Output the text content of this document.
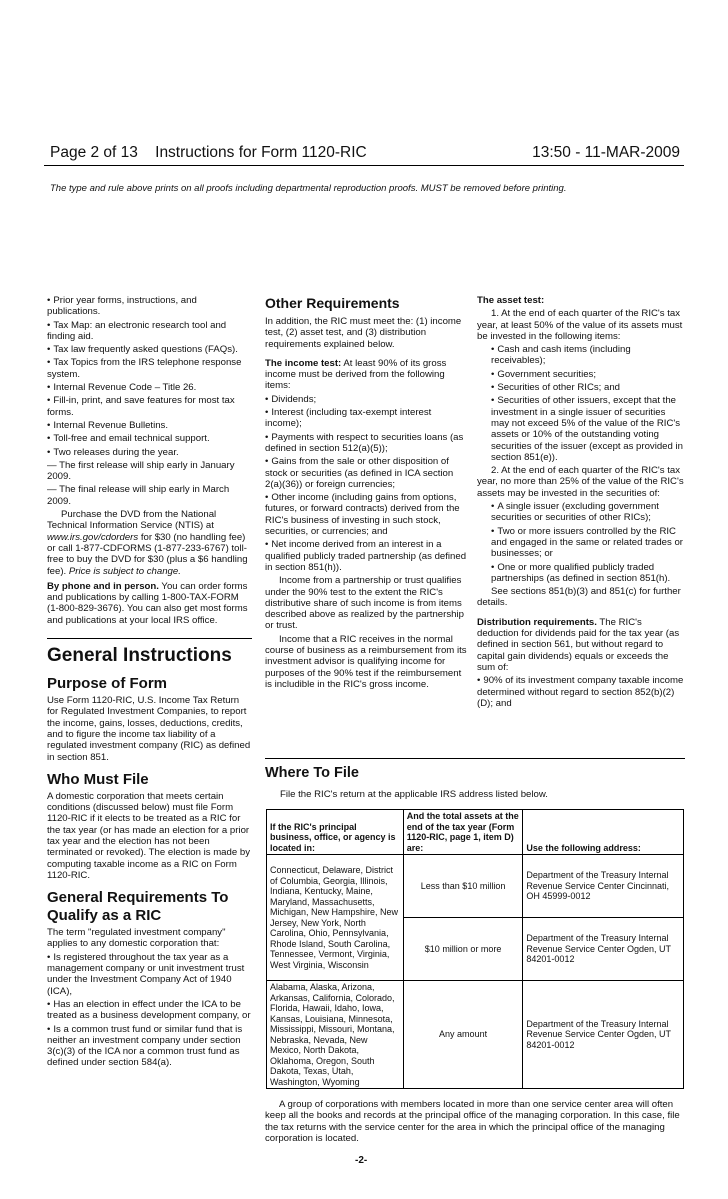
Page 2 of 13    Instructions for Form 1120-RIC	13:50 - 11-MAR-2009
The type and rule above prints on all proofs including departmental reproduction proofs. MUST be removed before printing.

• Prior year forms, instructions, and publications.

• Tax Map: an electronic research tool and finding aid.

• Tax law frequently asked questions (FAQs).

• Tax Topics from the IRS telephone response system.

• Internal Revenue Code – Title 26.

• Fill-in, print, and save features for most tax forms.

• Internal Revenue Bulletins.

• Toll-free and email technical support.

• Two releases during the year.

— The first release will ship early in January 2009.

— The final release will ship early in March 2009.

Purchase the DVD from the National Technical Information Service (NTIS) at www.irs.gov/cdorders for $30 (no handling fee) or call 1-877-CDFORMS (1-877-233-6767) toll-free to buy the DVD for $30 (plus a $6 handling fee). Price is subject to change.

By phone and in person. You can order forms and publications by calling 1-800-TAX-FORM (1-800-829-3676). You can also get most forms and publications at your local IRS office.

General Instructions
Purpose of Form

Use Form 1120-RIC, U.S. Income Tax Return for Regulated Investment Companies, to report the income, gains, losses, deductions, credits, and to figure the income tax liability of a regulated investment company (RIC) as defined in section 851.

Who Must File

A domestic corporation that meets certain conditions (discussed below) must file Form 1120-RIC if it elects to be treated as a RIC for the tax year (or has made an election for a prior tax year and the election has not been terminated or revoked). The election is made by computing taxable income as a RIC on Form 1120-RIC.

General Requirements To Qualify as a RIC

The term "regulated investment company" applies to any domestic corporation that:

• Is registered throughout the tax year as a management company or unit investment trust under the Investment Company Act of 1940 (ICA),

• Has an election in effect under the ICA to be treated as a business development company, or

• Is a common trust fund or similar fund that is neither an investment company under section 3(c)(3) of the ICA nor a common trust fund as defined under section 584(a).

Other Requirements

In addition, the RIC must meet the: (1) income test, (2) asset test, and (3) distribution requirements explained below.

The income test: At least 90% of its gross income must be derived from the following items:

• Dividends;

• Interest (including tax-exempt interest income);

• Payments with respect to securities loans (as defined in section 512(a)(5));

• Gains from the sale or other disposition of stock or securities (as defined in ICA section 2(a)(36)) or foreign currencies;

• Other income (including gains from options, futures, or forward contracts) derived from the RIC's business of investing in such stock, securities, or currencies; and

• Net income derived from an interest in a qualified publicly traded partnership (as defined in section 851(h)).

Income from a partnership or trust qualifies under the 90% test to the extent the RIC's distributive share of such income is from items described above as realized by the partnership or trust.

Income that a RIC receives in the normal course of business as a reimbursement from its investment advisor is qualifying income for purposes of the 90% test if the reimbursement is includible in the RIC's gross income.

The asset test:

1. At the end of each quarter of the RIC's tax year, at least 50% of the value of its assets must be invested in the following items:

• Cash and cash items (including receivables);

• Government securities;

• Securities of other RICs; and

• Securities of other issuers, except that the investment in a single issuer of securities may not exceed 5% of the value of the RIC's assets or 10% of the outstanding voting securities of the issuer (except as provided in section 851(e)).

2. At the end of each quarter of the RIC's tax year, no more than 25% of the value of the RIC's assets may be invested in the securities of:

• A single issuer (excluding government securities or securities of other RICs);

• Two or more issuers controlled by the RIC and engaged in the same or related trades or businesses; or

• One or more qualified publicly traded partnerships (as defined in section 851(h).

See sections 851(b)(3) and 851(c) for further details.

Distribution requirements. The RIC's deduction for dividends paid for the tax year (as defined in section 561, but without regard to capital gain dividends) equals or exceeds the sum of:

• 90% of its investment company taxable income determined without regard to section 852(b)(2)(D); and

Where To File
File the RIC's return at the applicable IRS address listed below.
If the RIC's principal business, office, or agency is located in:	And the total assets at the end of the tax year (Form 1120-RIC, page 1, item D) are:	Use the following address:
Connecticut, Delaware, District of Columbia, Georgia, Illinois, Indiana, Kentucky, Maine, Maryland, Massachusetts, Michigan, New Hampshire, New Jersey, New York, North Carolina, Ohio, Pennsylvania, Rhode Island, South Carolina, Tennessee, Vermont, Virginia, West Virginia, Wisconsin	Less than $10 million	Department of the Treasury Internal Revenue Service Center Cincinnati, OH 45999-0012
	$10 million or more	Department of the Treasury Internal Revenue Service Center Ogden, UT 84201-0012
Alabama, Alaska, Arizona, Arkansas, California, Colorado, Florida, Hawaii, Idaho, Iowa, Kansas, Louisiana, Minnesota, Mississippi, Missouri, Montana, Nebraska, Nevada, New Mexico, North Dakota, Oklahoma, Oregon, South Dakota, Texas, Utah, Washington, Wyoming	Any amount	Department of the Treasury Internal Revenue Service Center Ogden, UT 84201-0012
A group of corporations with members located in more than one service center area will often keep all the books and records at the principal office of the managing corporation. In this case, file the tax returns with the service center for the area in which the principal office of the managing corporation is located.
-2-
